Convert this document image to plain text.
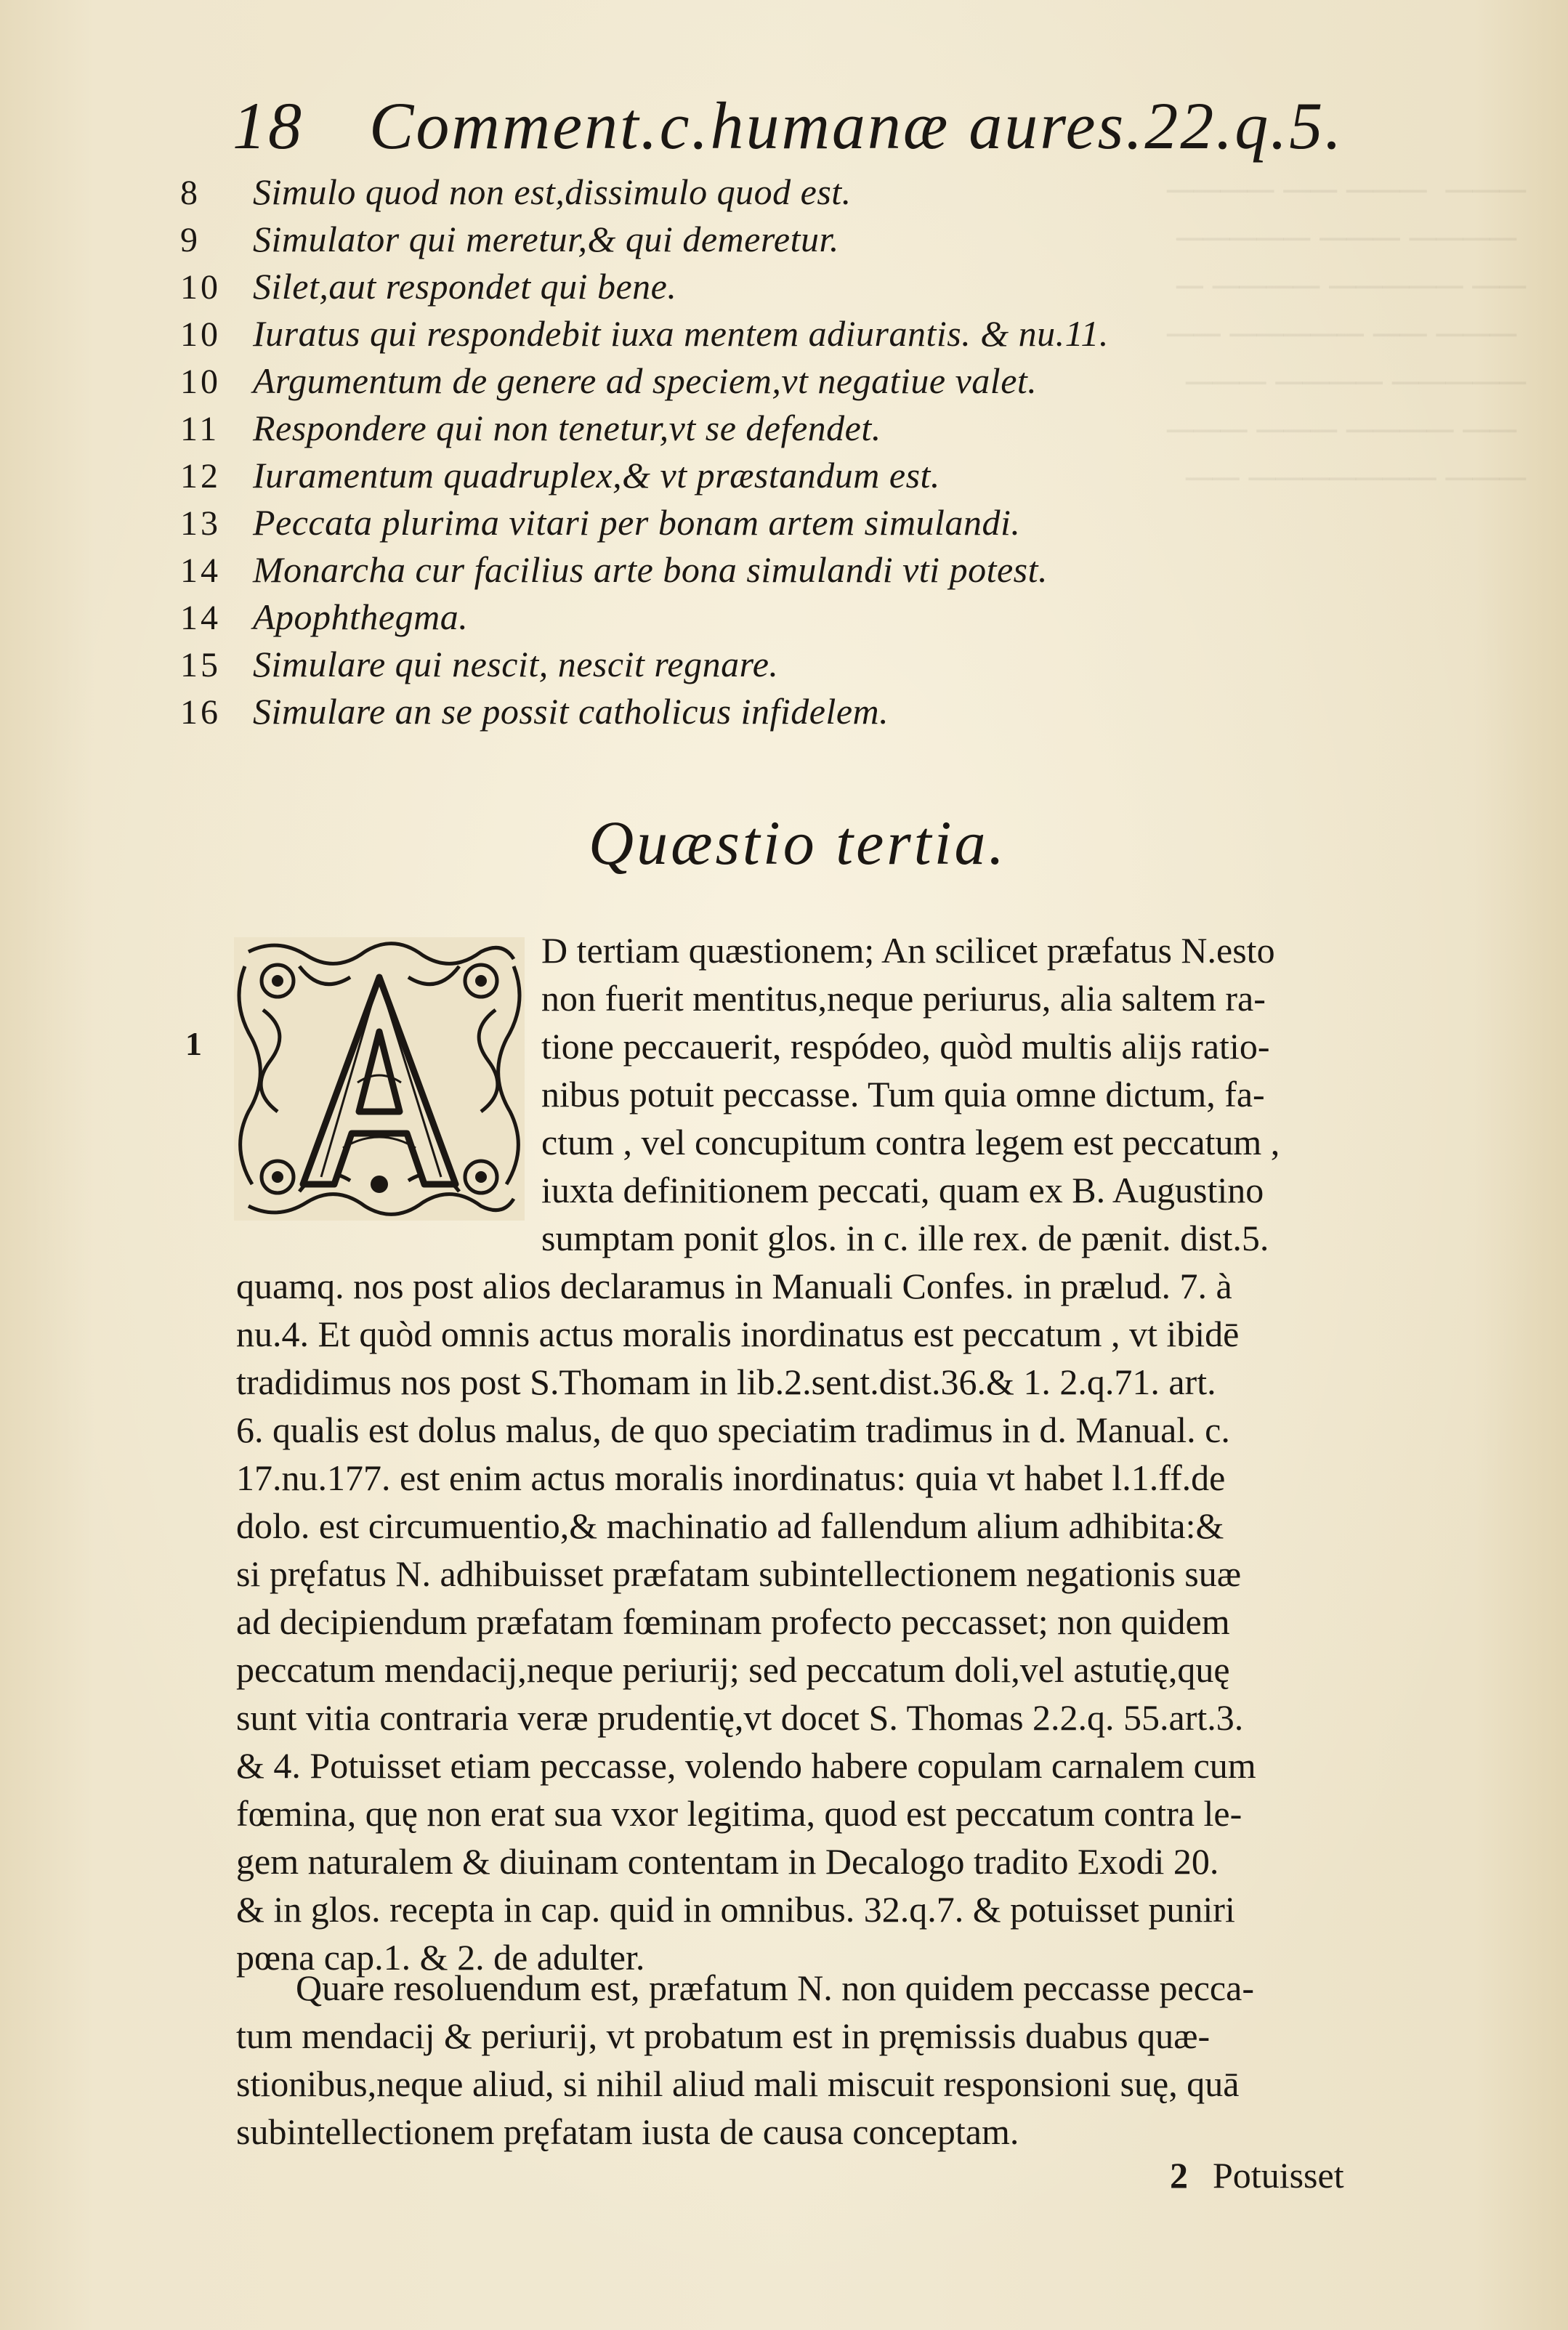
───  ─── ── ────
──── ─── ─────
── ───── ──── ─
─── ── ───── ──
───── ──── ───
── ──── ─── ───
─── ─────── ──
18 Comment.c.humanæ aures.22.q.5.
8 Simulo quod non est,dissimulo quod est.
9 Simulator qui meretur,& qui demeretur.
10 Silet,aut respondet qui bene.
10 Iuratus qui respondebit iuxa mentem adiurantis. & nu.11.
10 Argumentum de genere ad speciem,vt negatiue valet.
11 Respondere qui non tenetur,vt se defendet.
12 Iuramentum quadruplex,& vt præstandum est.
13 Peccata plurima vitari per bonam artem simulandi.
14 Monarcha cur facilius arte bona simulandi vti potest.
14 Apophthegma.
15 Simulare qui nescit, nescit regnare.
16 Simulare an se possit catholicus infidelem.
Quæstio tertia.
1
D tertiam quæstionem; An scilicet præfatus N.esto
non fuerit mentitus,neque periurus, alia saltem ra-
tione peccauerit, respódeo, quòd multis alijs ratio-
nibus potuit peccasse. Tum quia omne dictum, fa-
ctum , vel concupitum contra legem est peccatum ,
iuxta definitionem peccati, quam ex B. Augustino
sumptam ponit glos. in c. ille rex. de pænit. dist.5.
quamq. nos post alios declaramus in Manuali Confes. in prælud. 7. à
nu.4. Et quòd omnis actus moralis inordinatus est peccatum , vt ibidē
tradidimus nos post S.Thomam in lib.2.sent.dist.36.& 1. 2.q.71. art.
6. qualis est dolus malus, de quo speciatim tradimus in d. Manual. c.
17.nu.177. est enim actus moralis inordinatus: quia vt habet l.1.ff.de
dolo. est circumuentio,& machinatio ad fallendum alium adhibita:&
si pręfatus N. adhibuisset præfatam subintellectionem negationis suæ
ad decipiendum præfatam fœminam profecto peccasset; non quidem
peccatum mendacij,neque periurij; sed peccatum doli,vel astutię,quę
sunt vitia contraria veræ prudentię,vt docet S. Thomas 2.2.q. 55.art.3.
& 4. Potuisset etiam peccasse, volendo habere copulam carnalem cum
fœmina, quę non erat sua vxor legitima, quod est peccatum contra le-
gem naturalem & diuinam contentam in Decalogo tradito Exodi 20.
& in glos. recepta in cap. quid in omnibus. 32.q.7. & potuisset puniri
pœna cap.1. & 2. de adulter.
Quare resoluendum est, præfatum N. non quidem peccasse pecca-
tum mendacij & periurij, vt probatum est in pręmissis duabus quæ-
stionibus,neque aliud, si nihil aliud mali miscuit responsioni suę, quā
subintellectionem pręfatam iusta de causa conceptam.
2 Potuisset
